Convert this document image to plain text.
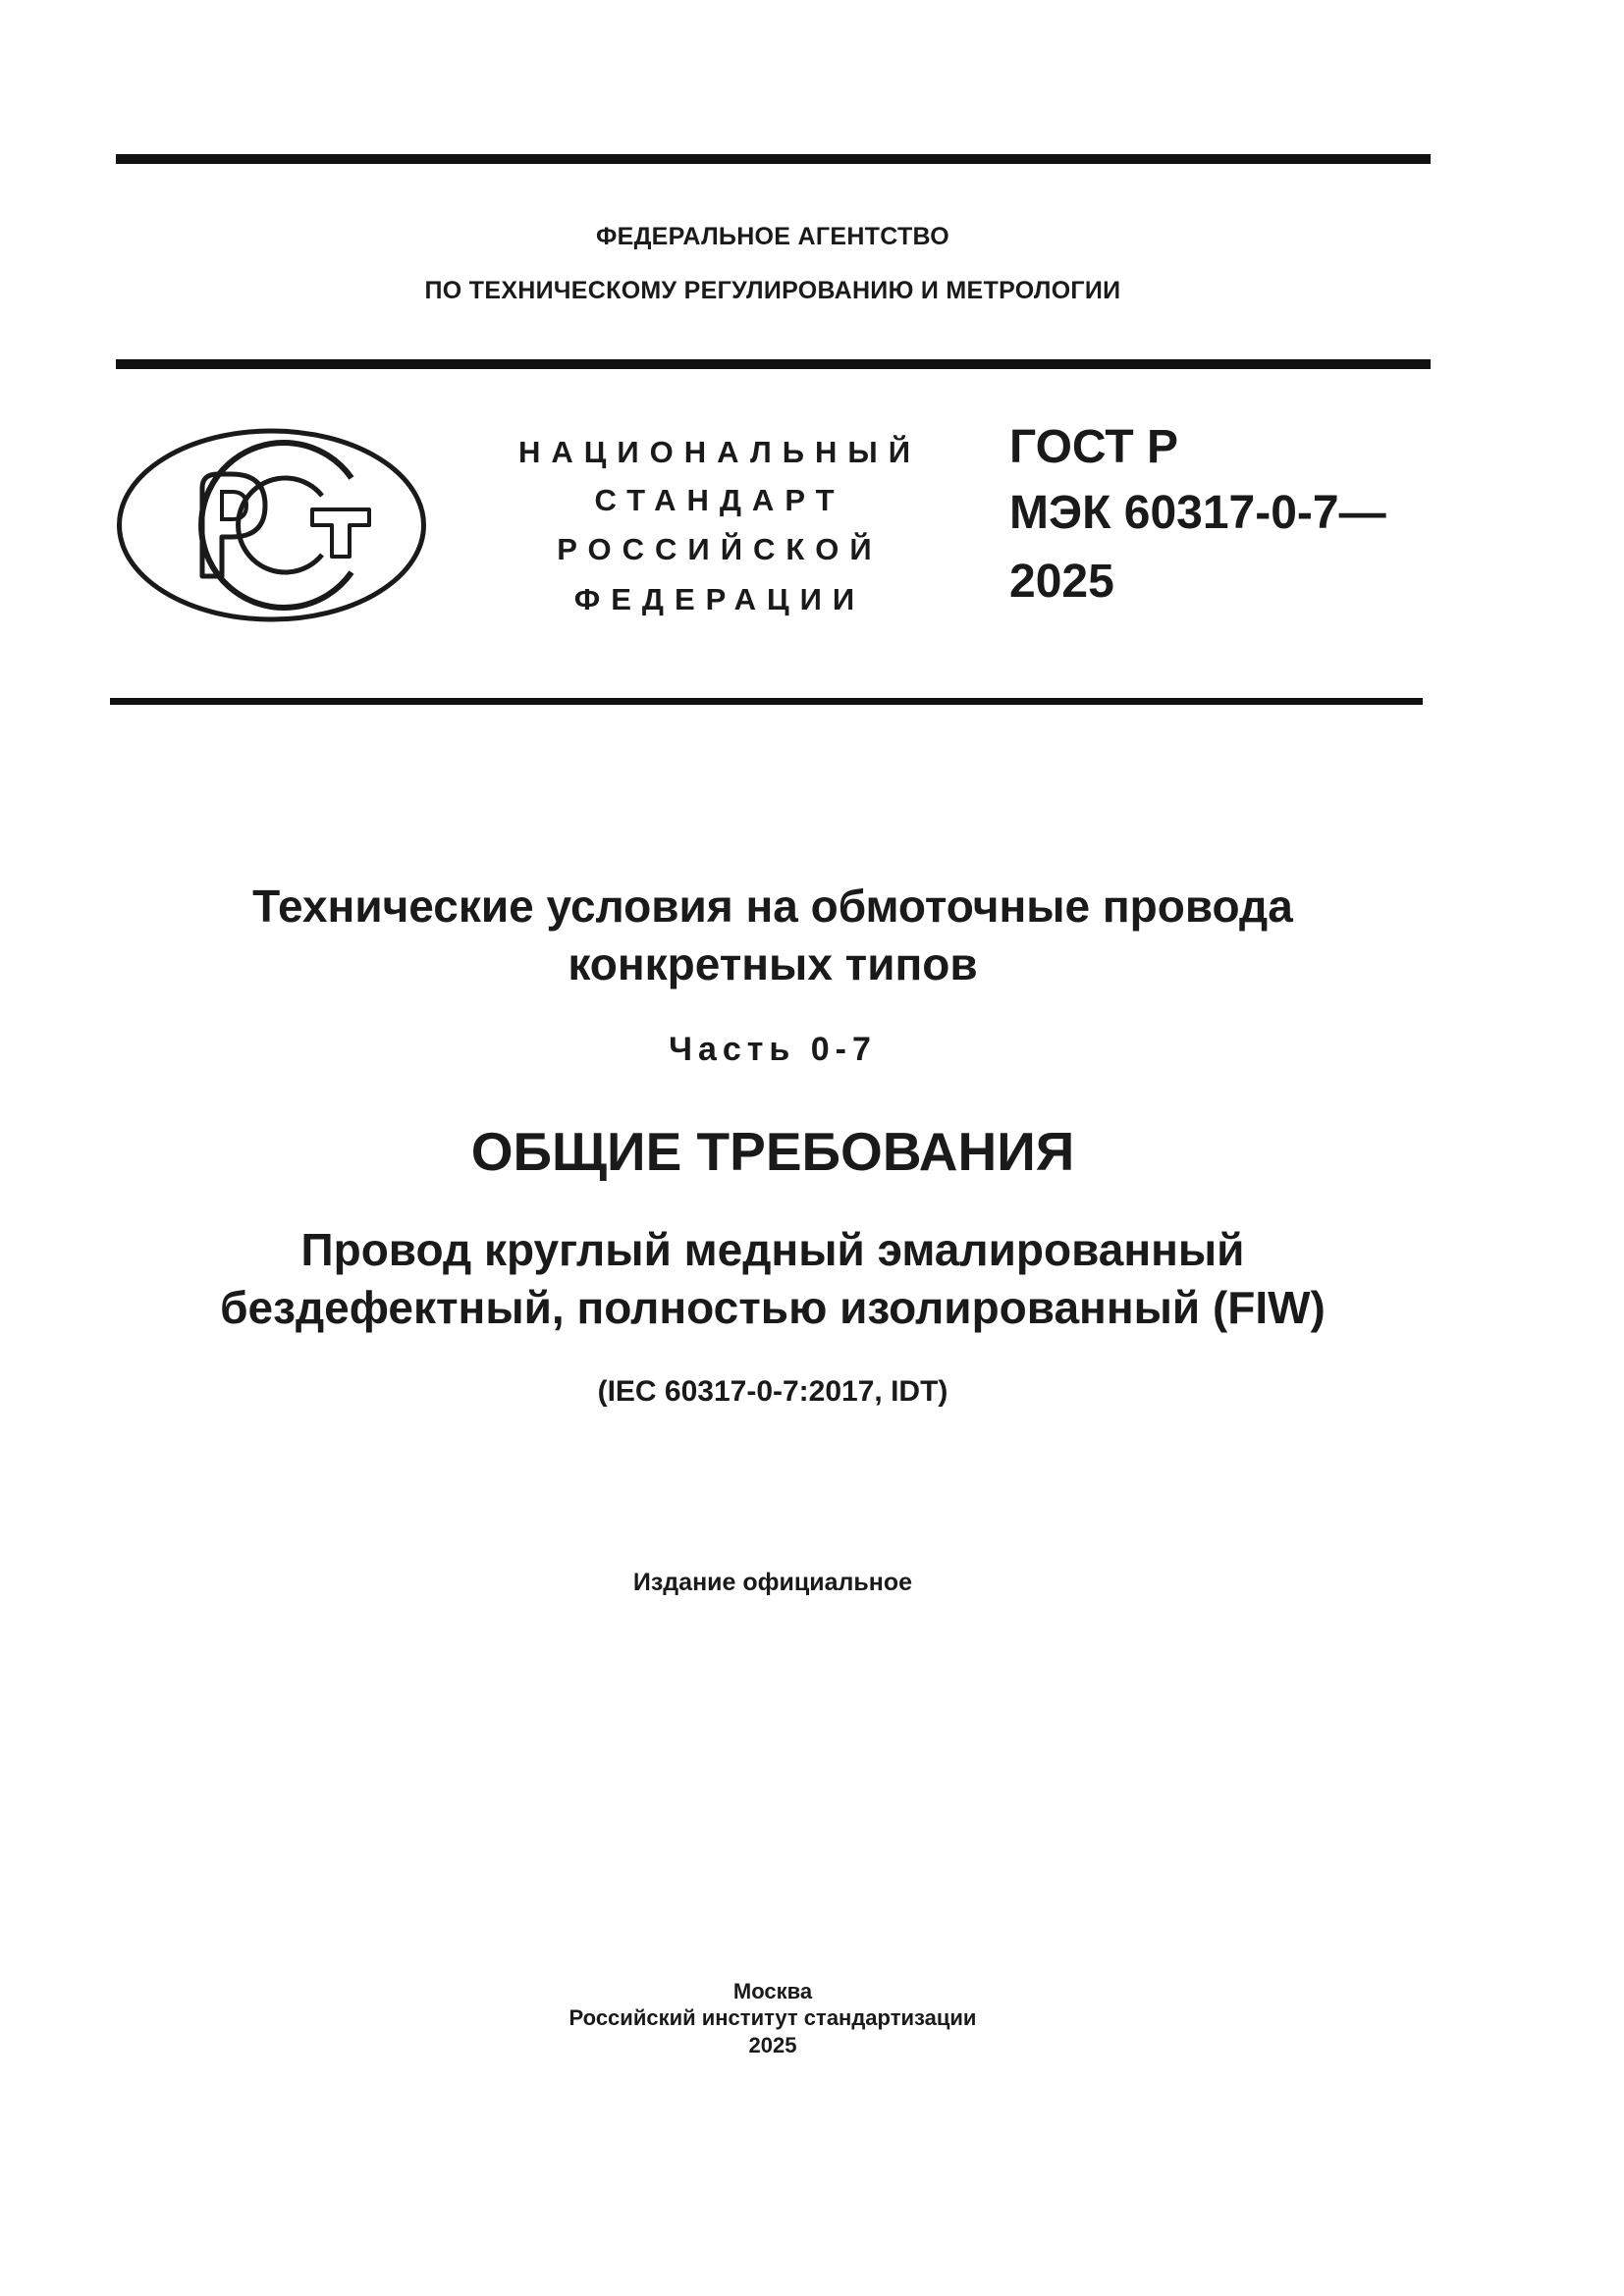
ФЕДЕРАЛЬНОЕ АГЕНТСТВО
ПО ТЕХНИЧЕСКОМУ РЕГУЛИРОВАНИЮ И МЕТРОЛОГИИ
НАЦИОНАЛЬНЫЙ
СТАНДАРТ
РОССИЙСКОЙ
ФЕДЕРАЦИИ
ГОСТ Р
МЭК 60317-0-7—
2025
Технические условия на обмоточные провода
конкретных типов
Часть 0-7
ОБЩИЕ ТРЕБОВАНИЯ
Провод круглый медный эмалированный
бездефектный, полностью изолированный (FIW)
(IEC 60317-0-7:2017, IDT)
Издание официальное
Москва
Российский институт стандартизации
2025
